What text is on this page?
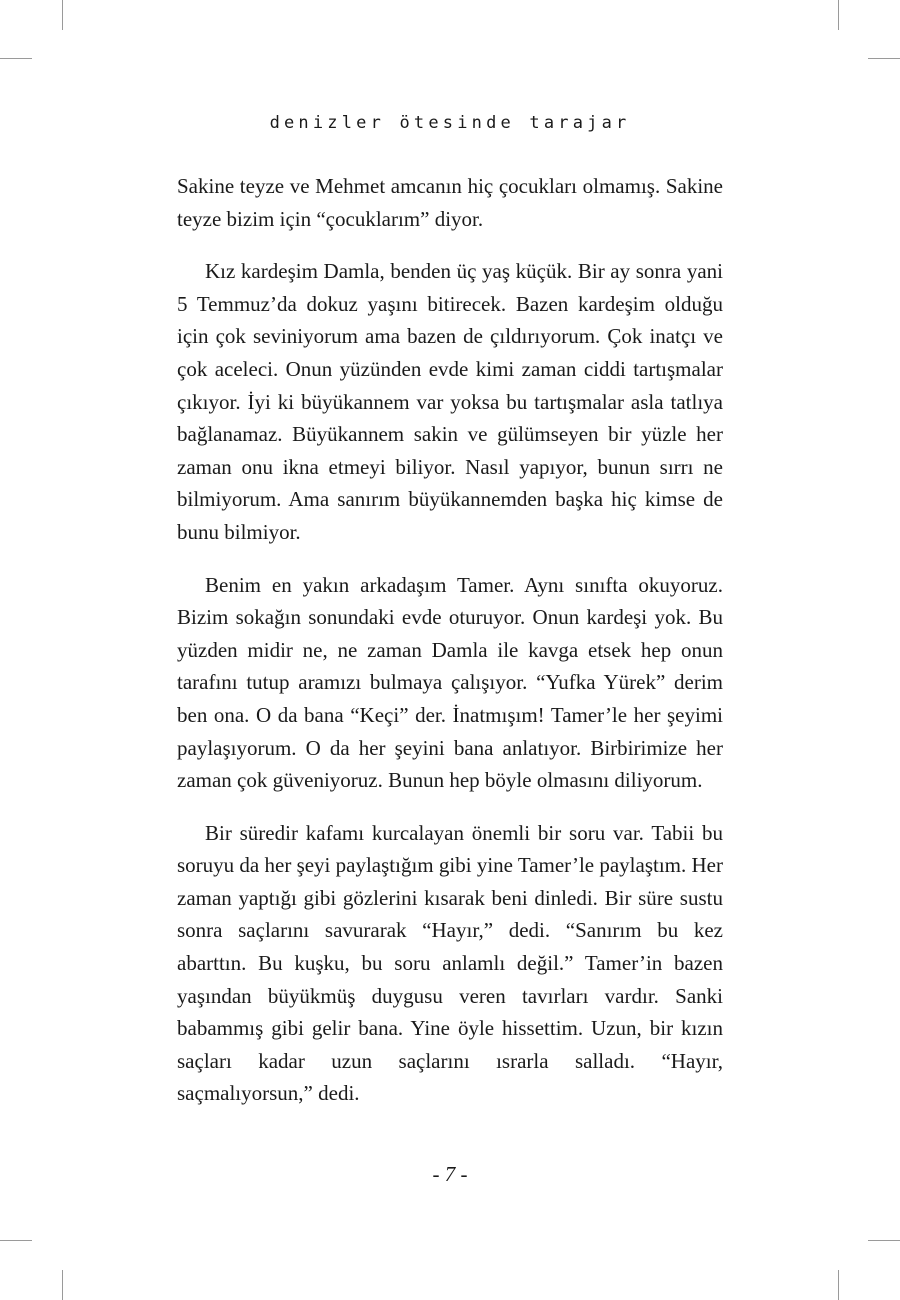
denizler ötesinde tarajar

Sakine teyze ve Mehmet amcanın hiç çocukları olmamış. Sakine teyze bizim için “çocuklarım” diyor.

Kız kardeşim Damla, benden üç yaş küçük. Bir ay sonra yani 5 Temmuz’da dokuz yaşını bitirecek. Bazen kardeşim olduğu için çok seviniyorum ama bazen de çıldırıyorum. Çok inatçı ve çok aceleci. Onun yüzünden evde kimi zaman ciddi tartışmalar çıkıyor. İyi ki büyükannem var yoksa bu tartışmalar asla tatlıya bağlanamaz. Büyükannem sakin ve gülümseyen bir yüzle her zaman onu ikna etmeyi biliyor. Nasıl yapıyor, bunun sırrı ne bilmiyorum. Ama sanırım büyükannemden başka hiç kimse de bunu bilmiyor.

Benim en yakın arkadaşım Tamer. Aynı sınıfta okuyoruz. Bizim sokağın sonundaki evde oturuyor. Onun kardeşi yok. Bu yüzden midir ne, ne zaman Damla ile kavga etsek hep onun tarafını tutup aramızı bulmaya çalışıyor. “Yufka Yürek” derim ben ona. O da bana “Keçi” der. İnatmışım! Tamer’le her şeyimi paylaşıyorum. O da her şeyini bana anlatıyor. Birbirimize her zaman çok güveniyoruz. Bunun hep böyle olmasını diliyorum.

Bir süredir kafamı kurcalayan önemli bir soru var. Tabii bu soruyu da her şeyi paylaştığım gibi yine Tamer’le paylaştım. Her zaman yaptığı gibi gözlerini kısarak beni dinledi. Bir süre sustu sonra saçlarını savurarak “Hayır,” dedi. “Sanırım bu kez abarttın. Bu kuşku, bu soru anlamlı değil.” Tamer’in bazen yaşından büyükmüş duygusu veren tavırları vardır. Sanki babammış gibi gelir bana. Yine öyle hissettim. Uzun, bir kızın saçları kadar uzun saçlarını ısrarla salladı. “Hayır, saçmalıyorsun,” dedi.

- 7 -
